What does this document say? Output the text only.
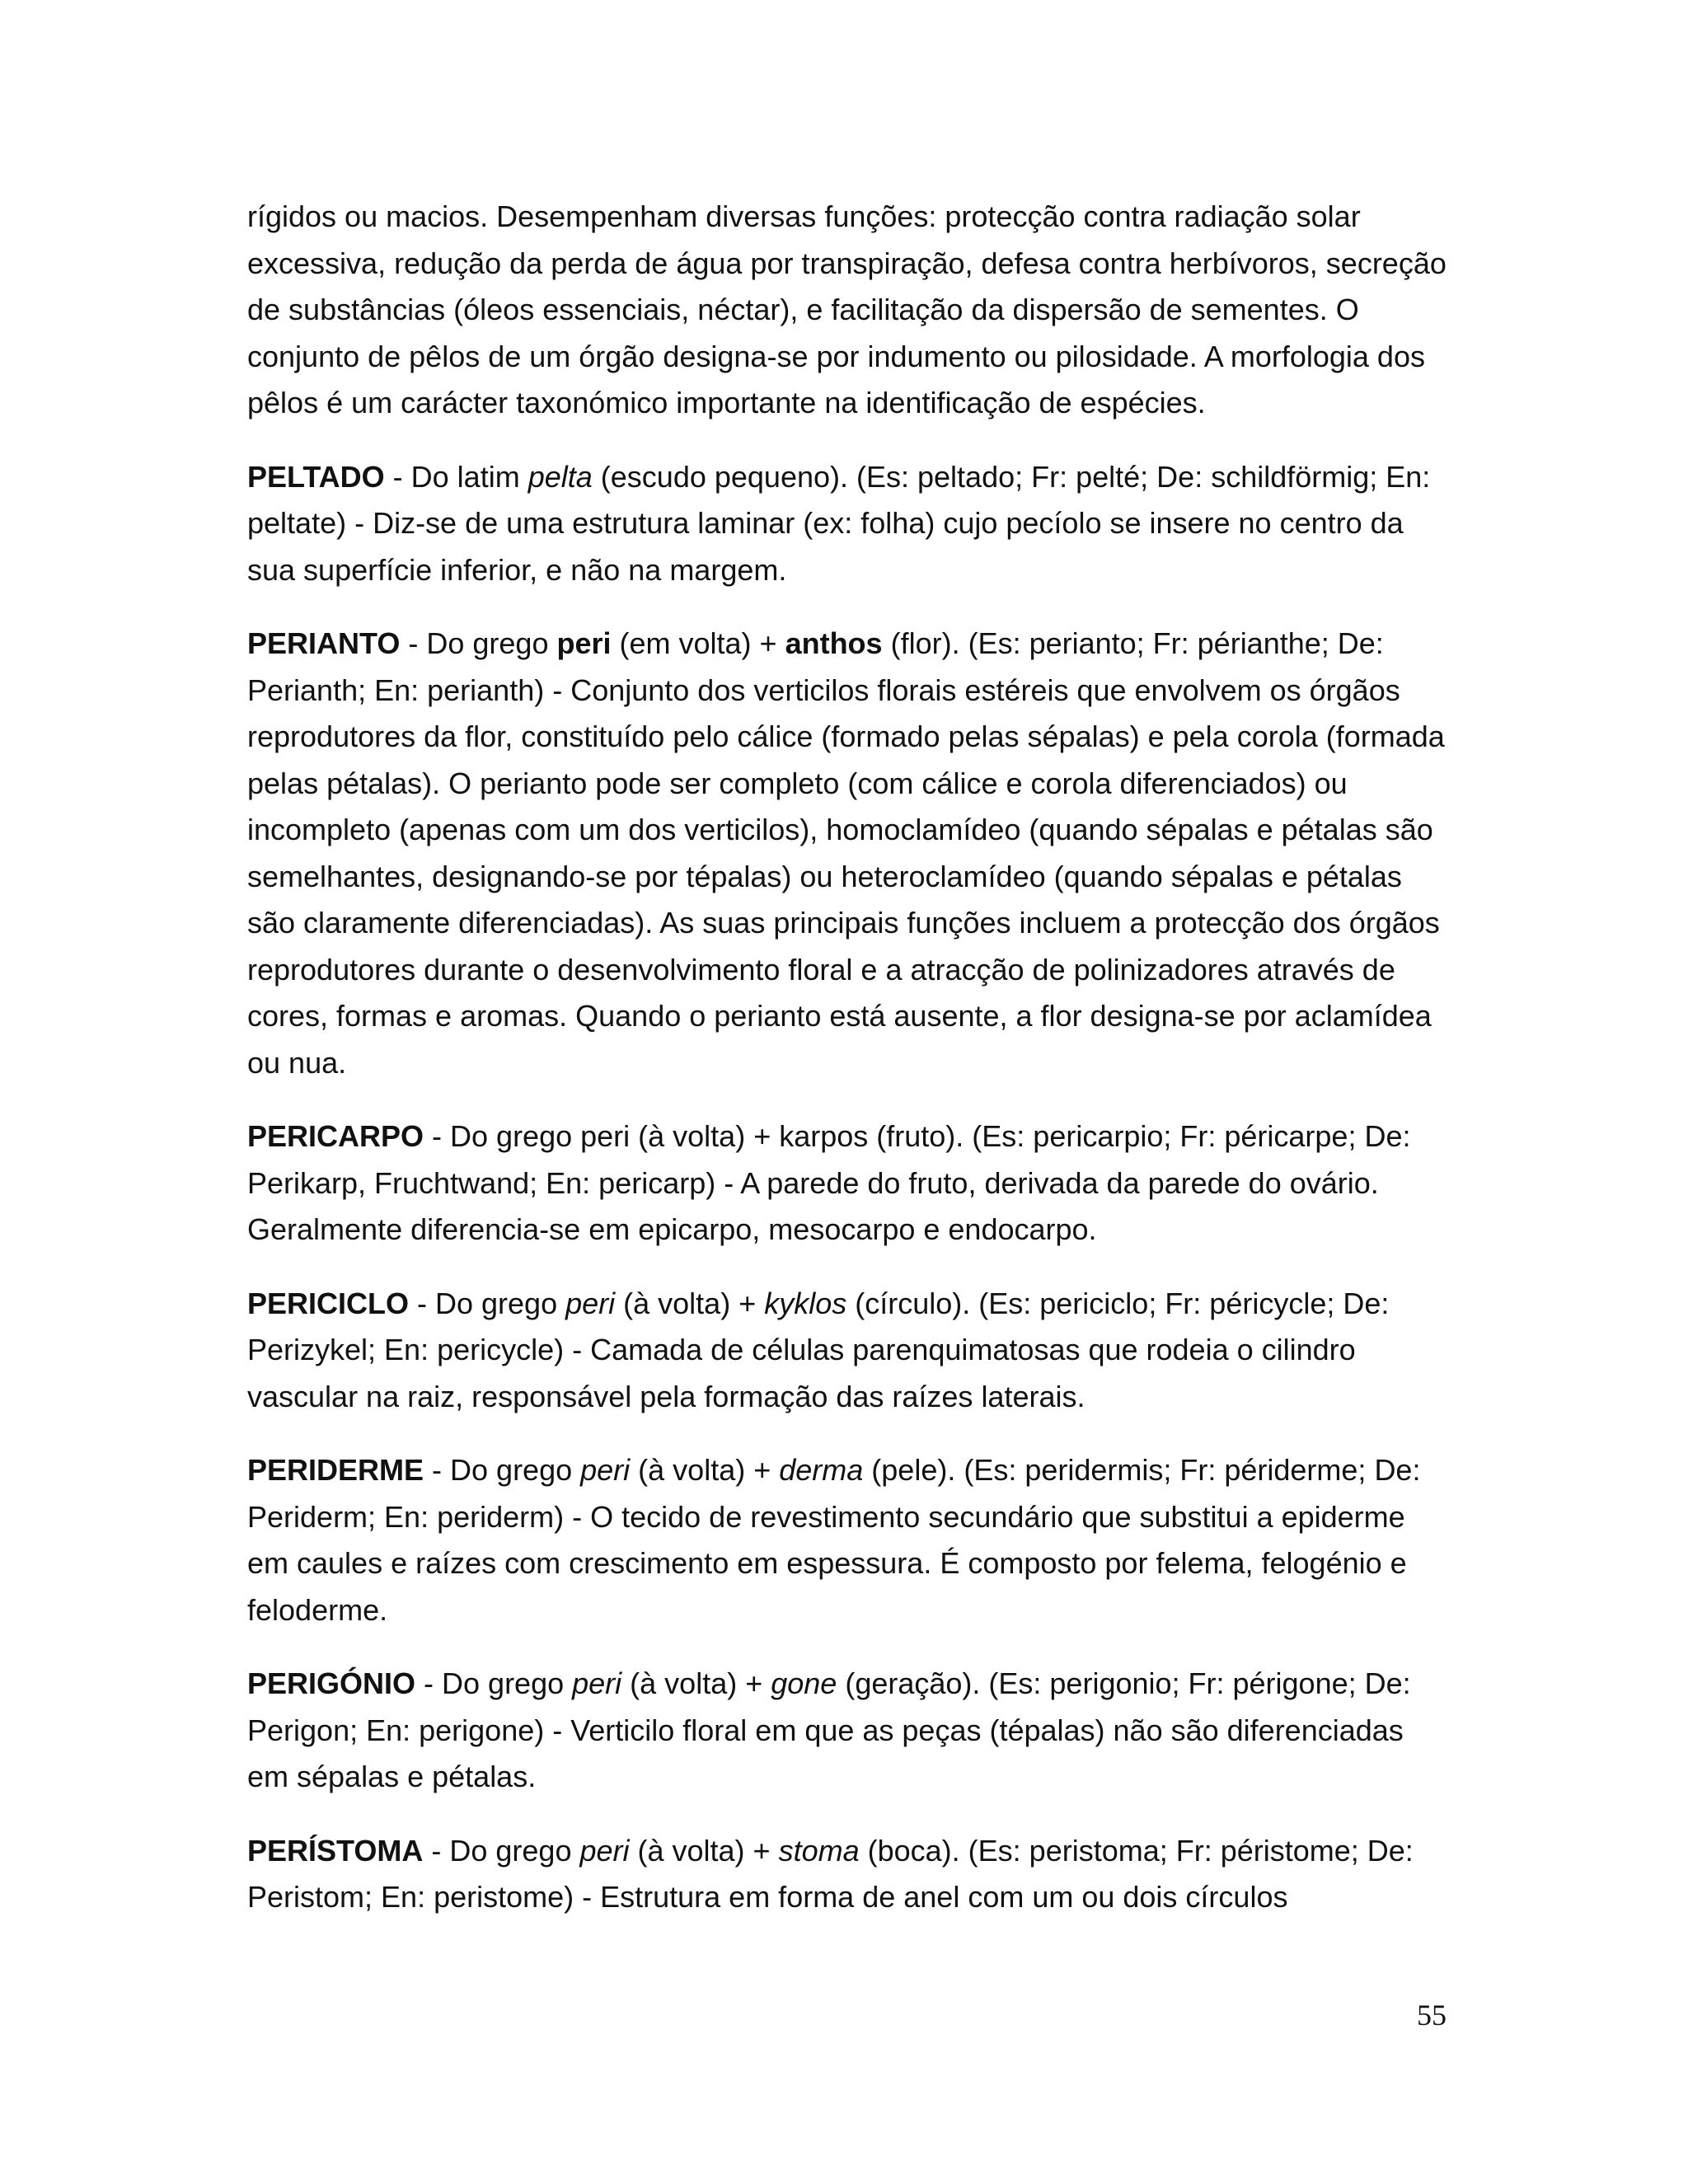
rígidos ou macios. Desempenham diversas funções: protecção contra radiação solar excessiva, redução da perda de água por transpiração, defesa contra herbívoros, secreção de substâncias (óleos essenciais, néctar), e facilitação da dispersão de sementes. O conjunto de pêlos de um órgão designa-se por indumento ou pilosidade. A morfologia dos pêlos é um carácter taxonómico importante na identificação de espécies.

PELTADO - Do latim pelta (escudo pequeno). (Es: peltado; Fr: pelté; De: schildförmig; En: peltate) - Diz-se de uma estrutura laminar (ex: folha) cujo pecíolo se insere no centro da sua superfície inferior, e não na margem.

PERIANTO - Do grego peri (em volta) + anthos (flor). (Es: perianto; Fr: périanthe; De: Perianth; En: perianth) - Conjunto dos verticilos florais estéreis que envolvem os órgãos reprodutores da flor, constituído pelo cálice (formado pelas sépalas) e pela corola (formada pelas pétalas). O perianto pode ser completo (com cálice e corola diferenciados) ou incompleto (apenas com um dos verticilos), homoclamídeo (quando sépalas e pétalas são semelhantes, designando-se por tépalas) ou heteroclamídeo (quando sépalas e pétalas são claramente diferenciadas). As suas principais funções incluem a protecção dos órgãos reprodutores durante o desenvolvimento floral e a atracção de polinizadores através de cores, formas e aromas. Quando o perianto está ausente, a flor designa-se por aclamídea ou nua.

PERICARPO - Do grego peri (à volta) + karpos (fruto). (Es: pericarpio; Fr: péricarpe; De: Perikarp, Fruchtwand; En: pericarp) - A parede do fruto, derivada da parede do ovário. Geralmente diferencia-se em epicarpo, mesocarpo e endocarpo.

PERICICLO - Do grego peri (à volta) + kyklos (círculo). (Es: periciclo; Fr: péricycle; De: Perizykel; En: pericycle) - Camada de células parenquimatosas que rodeia o cilindro vascular na raiz, responsável pela formação das raízes laterais.

PERIDERME - Do grego peri (à volta) + derma (pele). (Es: peridermis; Fr: périderme; De: Periderm; En: periderm) - O tecido de revestimento secundário que substitui a epiderme em caules e raízes com crescimento em espessura. É composto por felema, felogénio e feloderme.

PERIGÓNIO - Do grego peri (à volta) + gone (geração). (Es: perigonio; Fr: périgone; De: Perigon; En: perigone) - Verticilo floral em que as peças (tépalas) não são diferenciadas em sépalas e pétalas.

PERÍSTOMA - Do grego peri (à volta) + stoma (boca). (Es: peristoma; Fr: péristome; De: Peristom; En: peristome) - Estrutura em forma de anel com um ou dois círculos

55
